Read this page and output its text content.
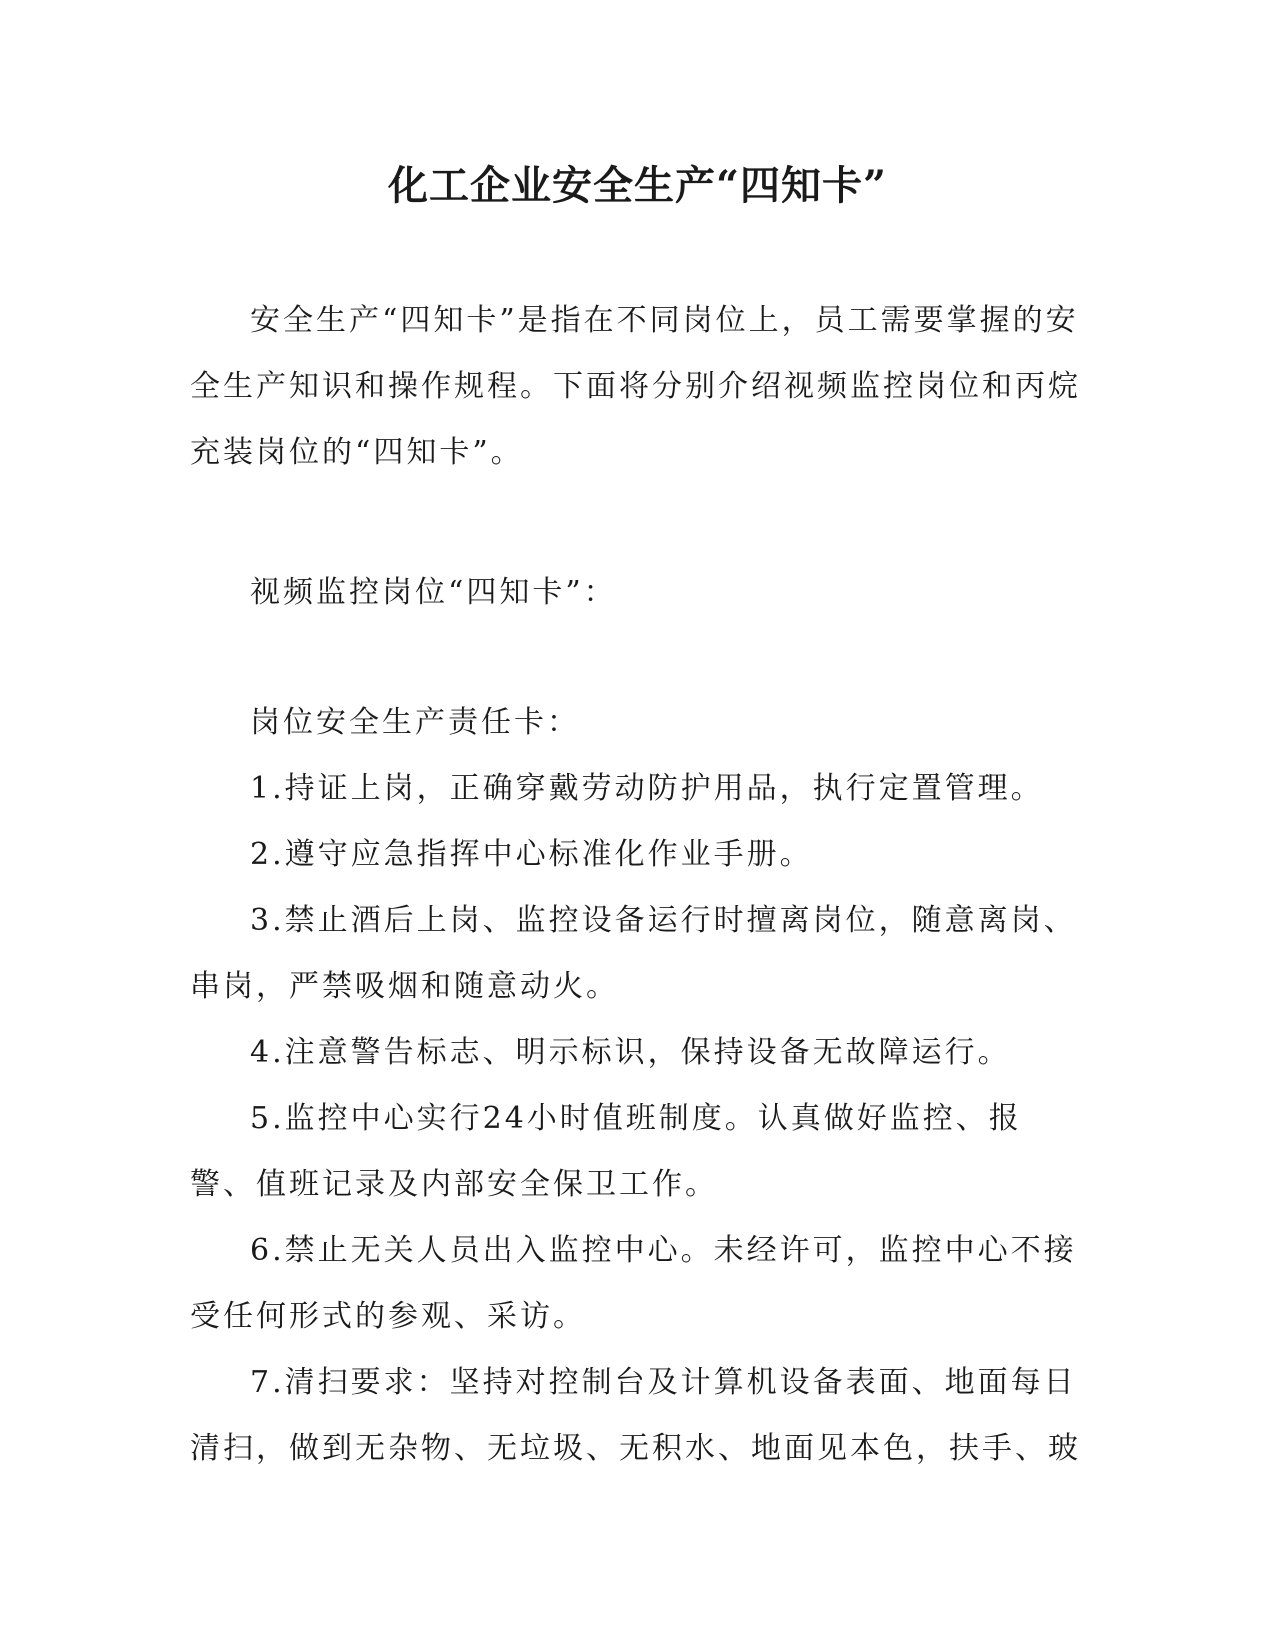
化工企业安全生产“四知卡”

安全生产“四知卡”是指在不同岗位上，员工需要掌握的安全生产知识和操作规程。下面将分别介绍视频监控岗位和丙烷充装岗位的“四知卡”。

视频监控岗位“四知卡”：

岗位安全生产责任卡：

1.持证上岗，正确穿戴劳动防护用品，执行定置管理。

2.遵守应急指挥中心标准化作业手册。

3.禁止酒后上岗、监控设备运行时擅离岗位，随意离岗、串岗，严禁吸烟和随意动火。

4.注意警告标志、明示标识，保持设备无故障运行。

5.监控中心实行24小时值班制度。认真做好监控、报警、值班记录及内部安全保卫工作。

6.禁止无关人员出入监控中心。未经许可，监控中心不接受任何形式的参观、采访。

7.清扫要求：坚持对控制台及计算机设备表面、地面每日清扫，做到无杂物、无垃圾、无积水、地面见本色，扶手、玻
